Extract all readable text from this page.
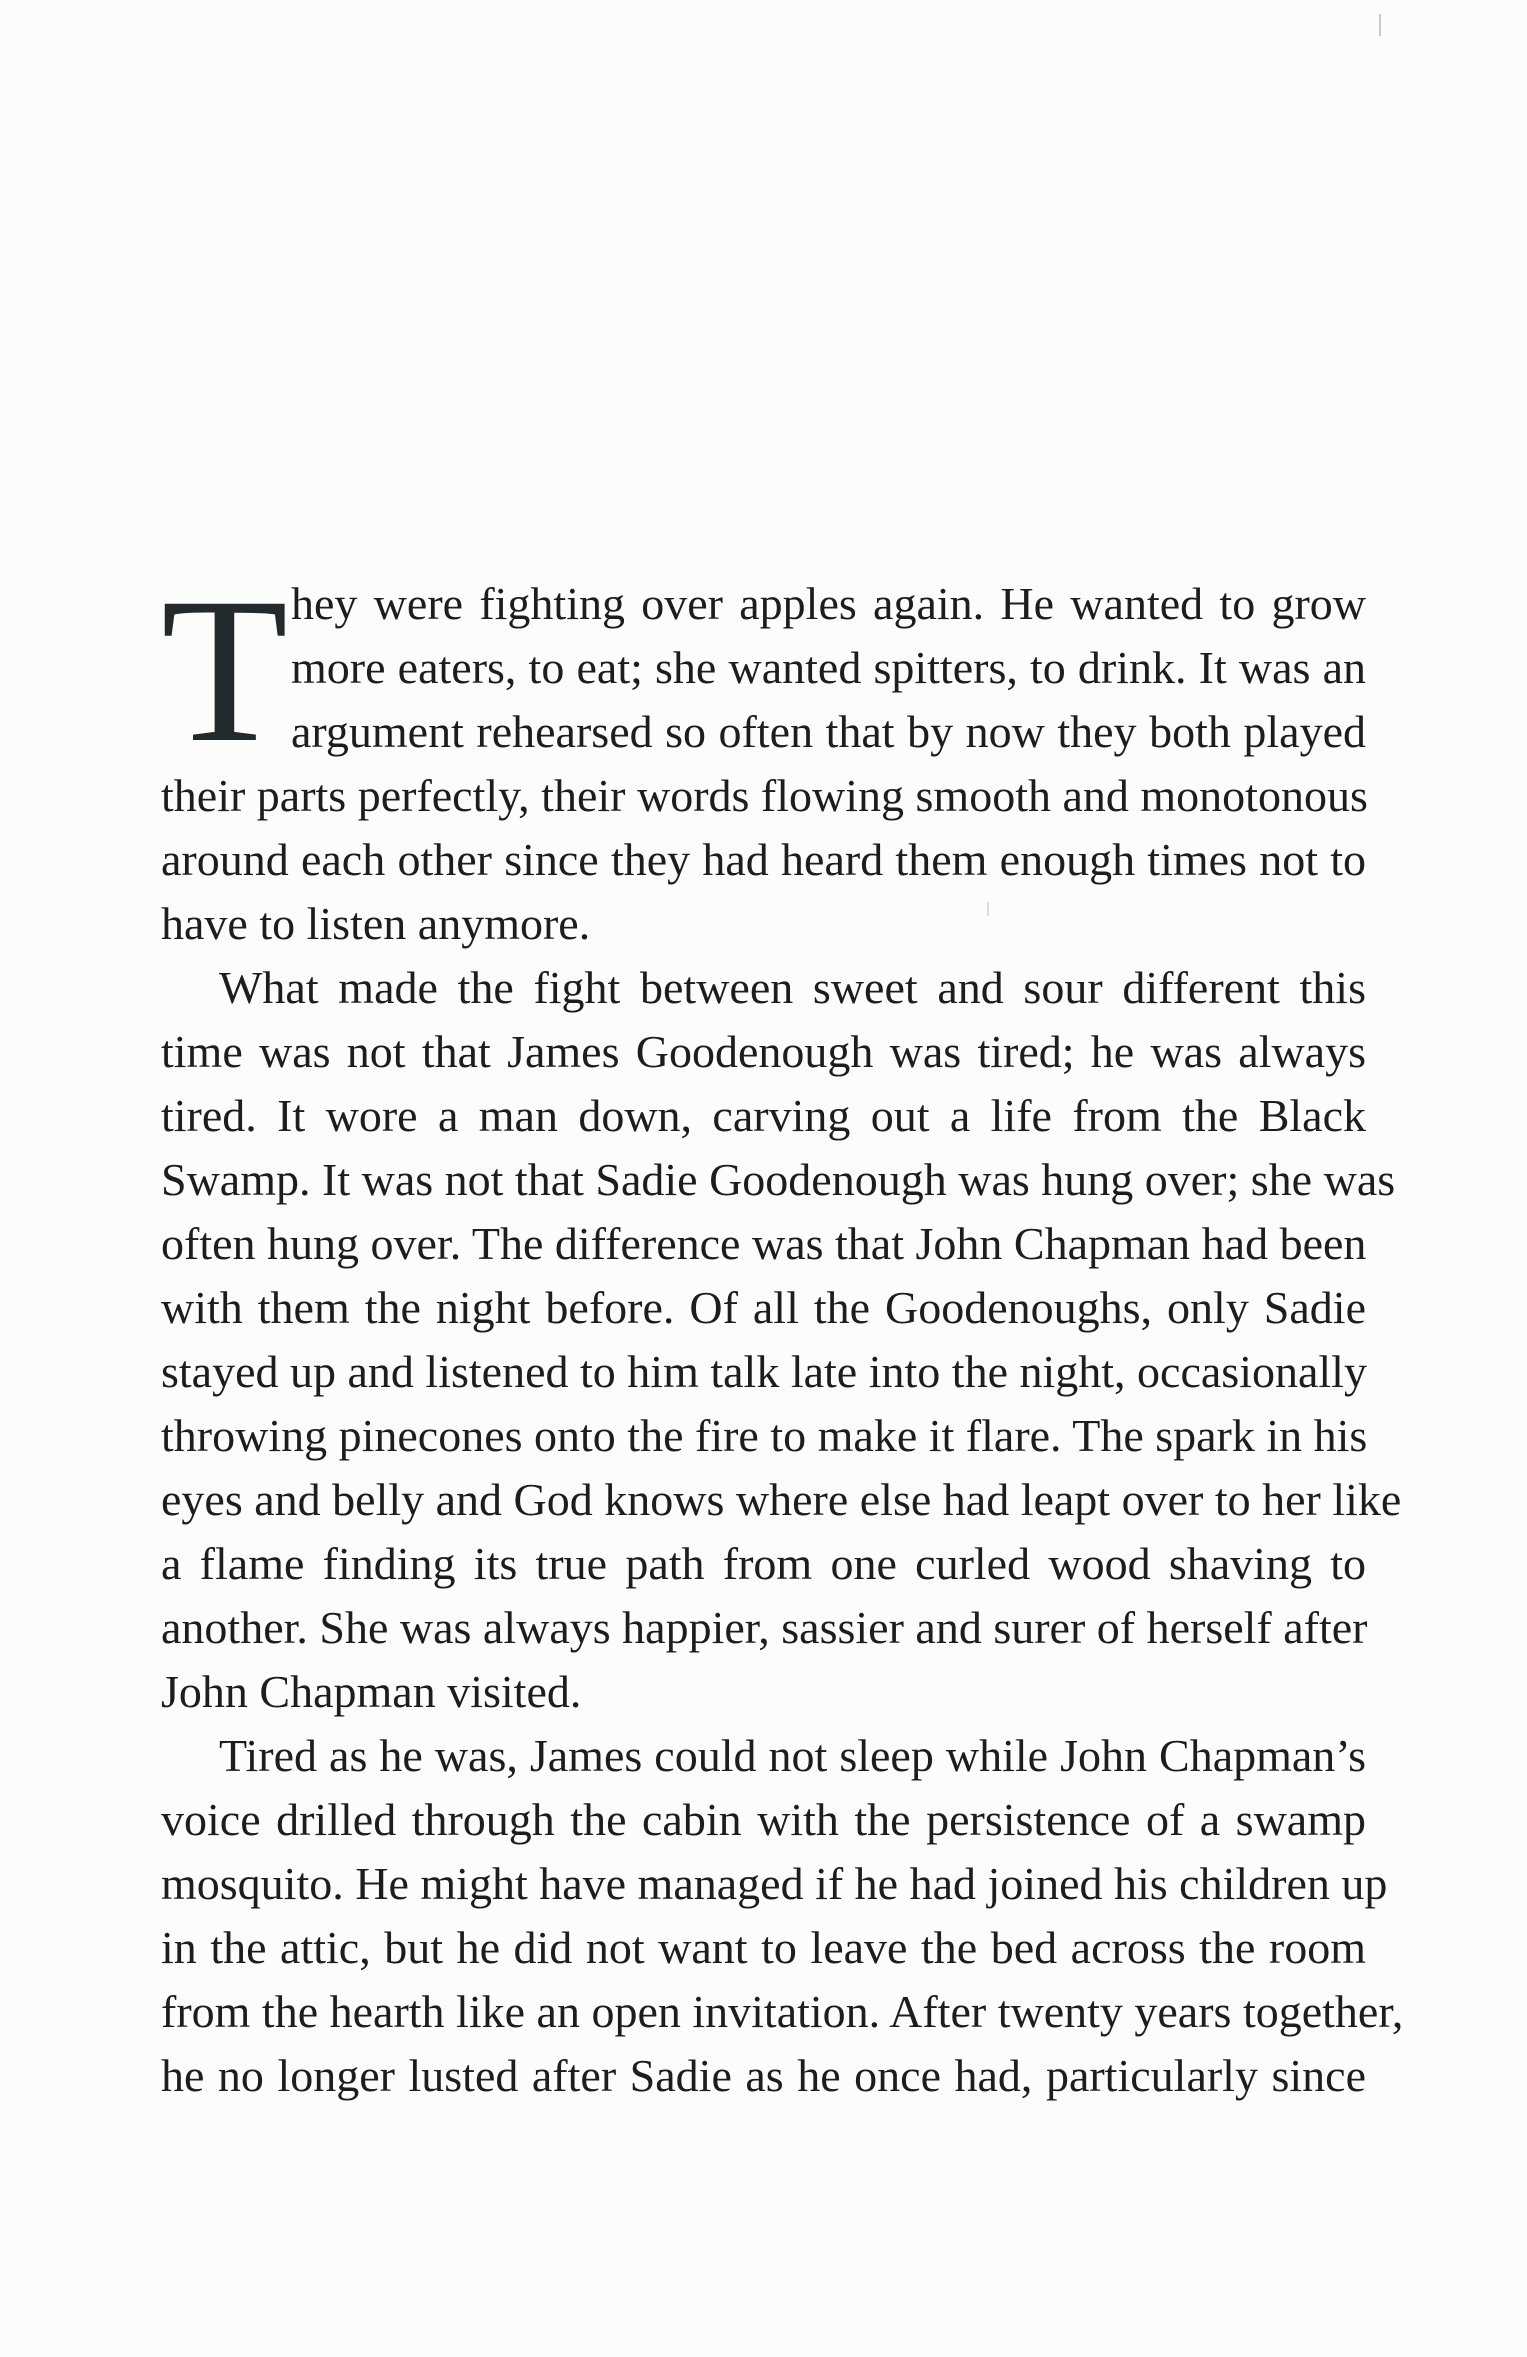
T hey were fighting over apples again. He wanted to grow
more eaters, to eat; she wanted spitters, to drink. It was an
argument rehearsed so often that by now they both played
their parts perfectly, their words flowing smooth and monotonous
around each other since they had heard them enough times not to
have to listen anymore.
What made the fight between sweet and sour different this
time was not that James Goodenough was tired; he was always
tired. It wore a man down, carving out a life from the Black
Swamp. It was not that Sadie Goodenough was hung over; she was
often hung over. The difference was that John Chapman had been
with them the night before. Of all the Goodenoughs, only Sadie
stayed up and listened to him talk late into the night, occasionally
throwing pinecones onto the fire to make it flare. The spark in his
eyes and belly and God knows where else had leapt over to her like
a flame finding its true path from one curled wood shaving to
another. She was always happier, sassier and surer of herself after
John Chapman visited.
Tired as he was, James could not sleep while John Chapman’s
voice drilled through the cabin with the persistence of a swamp
mosquito. He might have managed if he had joined his children up
in the attic, but he did not want to leave the bed across the room
from the hearth like an open invitation. After twenty years together,
he no longer lusted after Sadie as he once had, particularly since
